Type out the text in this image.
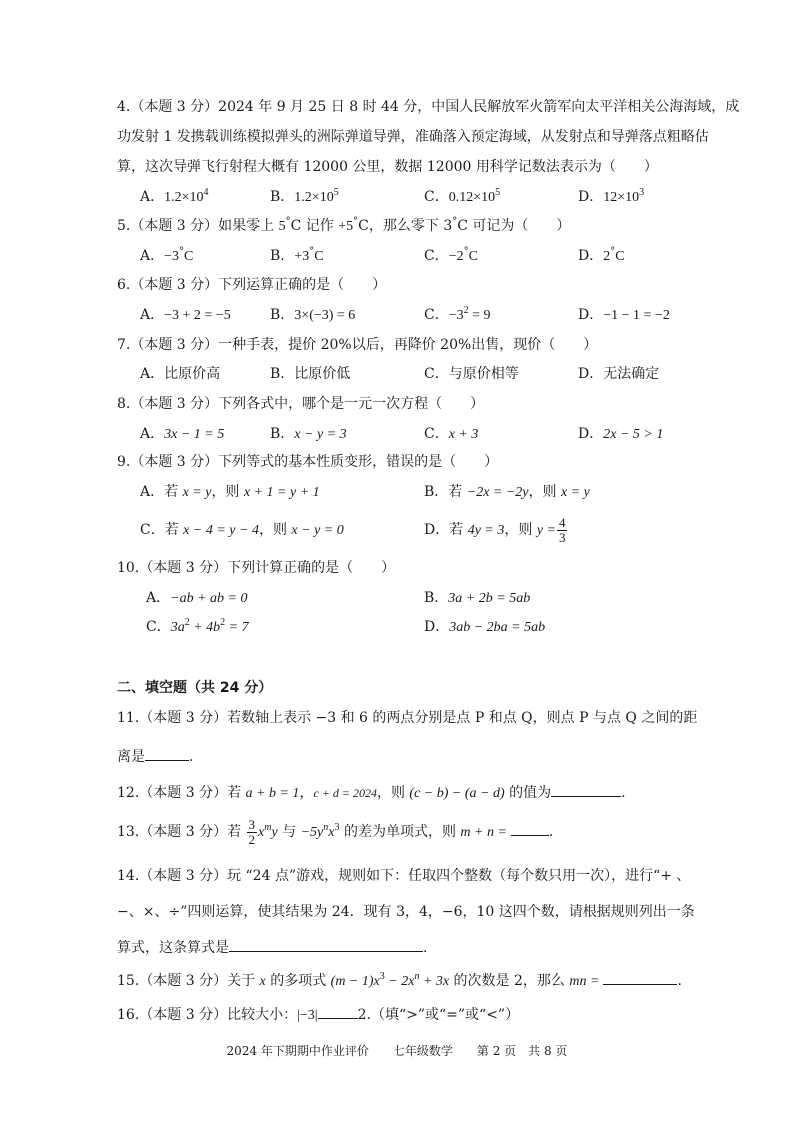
4.（本题 3 分）2024 年 9 月 25 日 8 时 44 分，中国人民解放军火箭军向太平洋相关公海海域，成
功发射 1 发携载训练模拟弹头的洲际弹道导弹，准确落入预定海域，从发射点和导弹落点粗略估
算，这次导弹飞行射程大概有 12000 公里，数据 12000 用科学记数法表示为（　　）
A．$1.2\times 10^4$	B．$1.2\times 10^5$	C．$0.12\times 10^5$	D．$12\times 10^3$
5.（本题 3 分）如果零上 5°C 记作 +5°C，那么零下 3°C 可记为（　　）
A．−3°C	B．+3°C	C．−2°C	D．2°C
6.（本题 3 分）下列运算正确的是（　　）
A．−3 + 2 = −5	B．3×(−3) = 6	C．$-3^2 = 9$	D．−1 − 1 = −2
7.（本题 3 分）一种手表，提价 20%以后，再降价 20%出售，现价（　　）
A．比原价高	B．比原价低	C．与原价相等	D．无法确定
8.（本题 3 分）下列各式中，哪个是一元一次方程（　　）
A．3x − 1 = 5	B．x − y = 3	C．x + 3	D．2x − 5 > 1
9.（本题 3 分）下列等式的基本性质变形，错误的是（　　）
A．若 x = y，则 x + 1 = y + 1	B．若 −2x = −2y，则 x = y
C．若 x − 4 = y − 4，则 x − y = 0	D．若 4y = 3，则 $y = \frac{4}{3}$
10.（本题 3 分）下列计算正确的是（　　）
A．−ab + ab = 0	B．3a + 2b = 5ab
C．$3a^2 + 4b^2 = 7$	D．3ab − 2ba = 5ab
二、填空题（共 24 分）
11.（本题 3 分）若数轴上表示 −3 和 6 的两点分别是点 P 和点 Q，则点 P 与点 Q 之间的距
离是	.
12.（本题 3 分）若 a + b = 1，c + d = 2024，则 (c − b) − (a − d) 的值为	.
13.（本题 3 分）若 $\frac{3}{2} x^my$ 与 $-5y^nx^3$ 的差为单项式，则 m + n =	.
14.（本题 3 分）玩 “24 点”游戏，规则如下：任取四个整数（每个数只用一次），进行“+ 、
−、×、÷”四则运算，使其结果为 24．现有 3，4，−6，10 这四个数，请根据规则列出一条
算式，这条算式是	.
15.（本题 3 分）关于 x 的多项式 $(m - 1)x^3 - 2x^n + 3x$ 的次数是 2，那么 mn =	.
16.（本题 3 分）比较大小：|−3|	2.（填“>”或“=”或“<”）
2024 年下期期中作业评价　　七年级数学　　第 2 页　共 8 页
